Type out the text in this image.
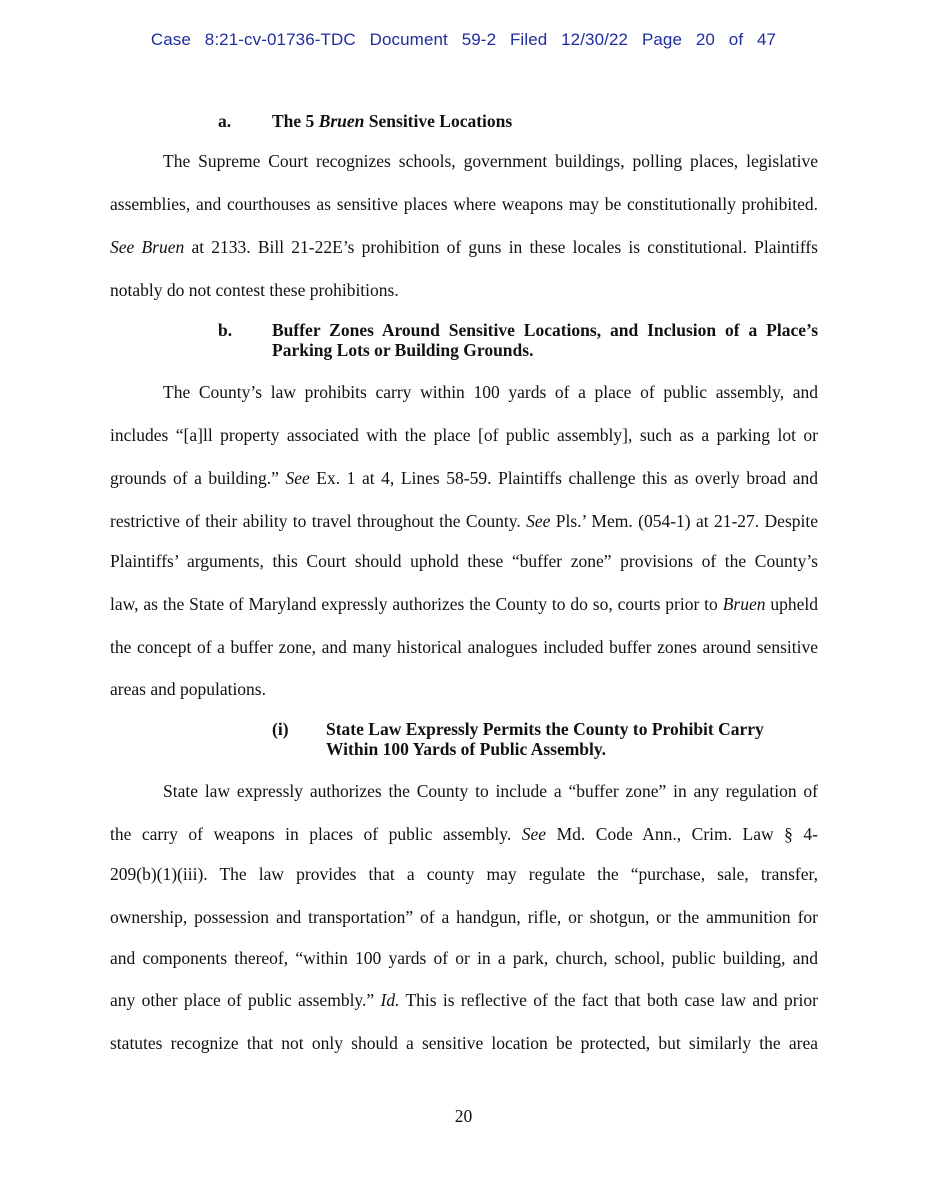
Case 8:21-cv-01736-TDC Document 59-2 Filed 12/30/22 Page 20 of 47
a. The 5 Bruen Sensitive Locations
The Supreme Court recognizes schools, government buildings, polling places, legislative
assemblies, and courthouses as sensitive places where weapons may be constitutionally prohibited.
See Bruen at 2133. Bill 21-22E’s prohibition of guns in these locales is constitutional. Plaintiffs
notably do not contest these prohibitions.
b. Buffer Zones Around Sensitive Locations, and Inclusion of a Place’s
Parking Lots or Building Grounds.
The County’s law prohibits carry within 100 yards of a place of public assembly, and
includes “[a]ll property associated with the place [of public assembly], such as a parking lot or
grounds of a building.” See Ex. 1 at 4, Lines 58-59. Plaintiffs challenge this as overly broad and
restrictive of their ability to travel throughout the County. See Pls.’ Mem. (054-1) at 21-27. Despite
Plaintiffs’ arguments, this Court should uphold these “buffer zone” provisions of the County’s
law, as the State of Maryland expressly authorizes the County to do so, courts prior to Bruen upheld
the concept of a buffer zone, and many historical analogues included buffer zones around sensitive
areas and populations.
(i) State Law Expressly Permits the County to Prohibit Carry
Within 100 Yards of Public Assembly.
State law expressly authorizes the County to include a “buffer zone” in any regulation of
the carry of weapons in places of public assembly. See Md. Code Ann., Crim. Law § 4-
209(b)(1)(iii). The law provides that a county may regulate the “purchase, sale, transfer,
ownership, possession and transportation” of a handgun, rifle, or shotgun, or the ammunition for
and components thereof, “within 100 yards of or in a park, church, school, public building, and
any other place of public assembly.” Id. This is reflective of the fact that both case law and prior
statutes recognize that not only should a sensitive location be protected, but similarly the area
20
